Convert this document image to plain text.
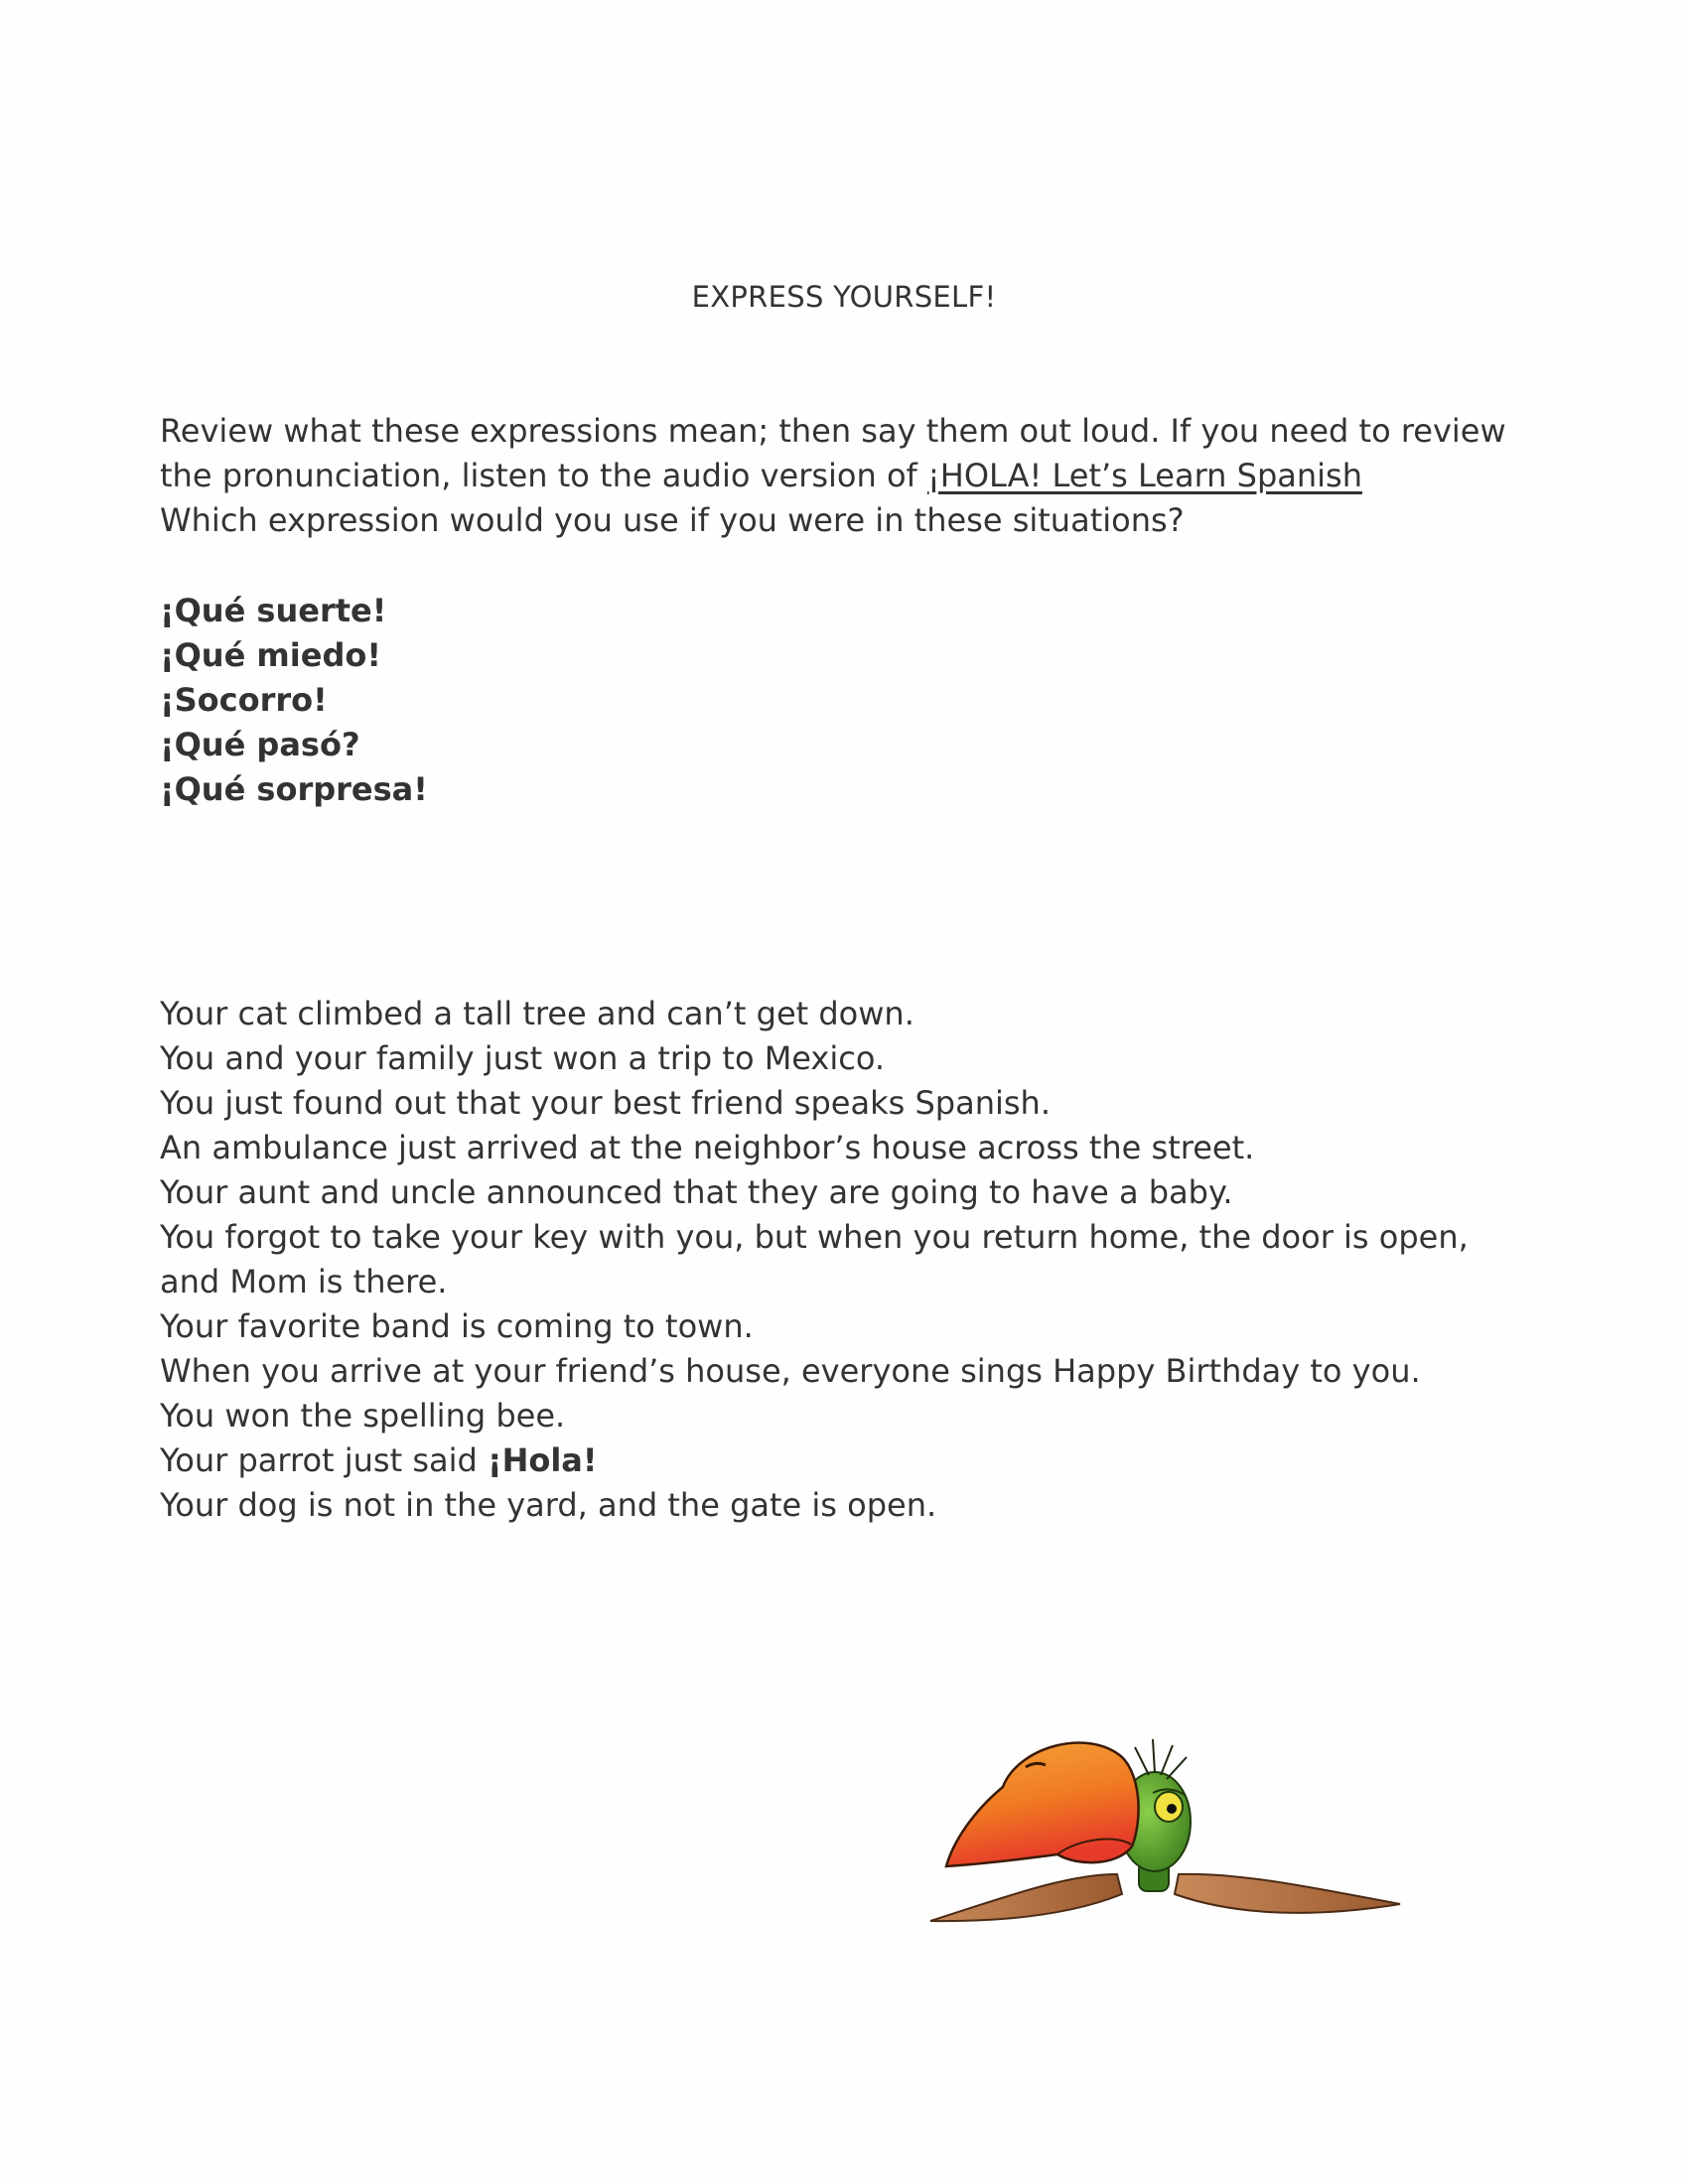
EXPRESS YOURSELF!
Review what these expressions mean; then say them out loud. If you need to review
the pronunciation, listen to the audio version of ¡HOLA! Let’s Learn Spanish
Which expression would you use if you were in these situations?
¡Qué suerte!
¡Qué miedo!
¡Socorro!
¡Qué pasó?
¡Qué sorpresa!
Your cat climbed a tall tree and can’t get down.
You and your family just won a trip to Mexico.
You just found out that your best friend speaks Spanish.
An ambulance just arrived at the neighbor’s house across the street.
Your aunt and uncle announced that they are going to have a baby.
You forgot to take your key with you, but when you return home, the door is open,
and Mom is there.
Your favorite band is coming to town.
When you arrive at your friend’s house, everyone sings Happy Birthday to you.
You won the spelling bee.
Your parrot just said ¡Hola!
Your dog is not in the yard, and the gate is open.
